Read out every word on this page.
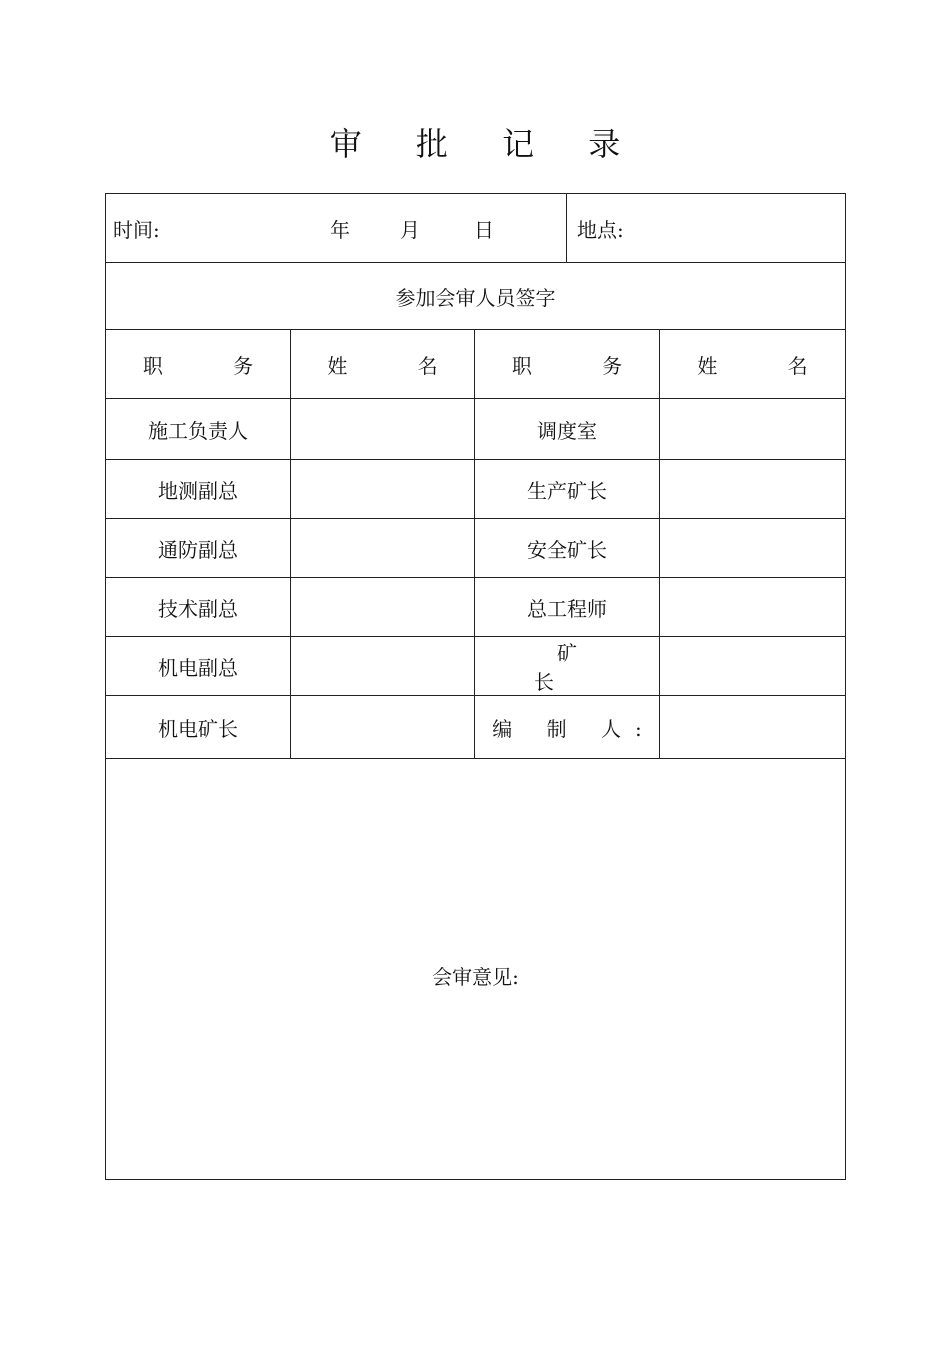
审 批 记 录
时间: 年 月 日			地点:	
参加会审人员签字				
职 务	姓 名	职 务		姓 名
施工负责人		调度室		
地测副总		生产矿长		
通防副总		安全矿长		
技术副总		总工程师		
机电副总		矿 长		
机电矿长		编 制 人:		

会审意见:				
